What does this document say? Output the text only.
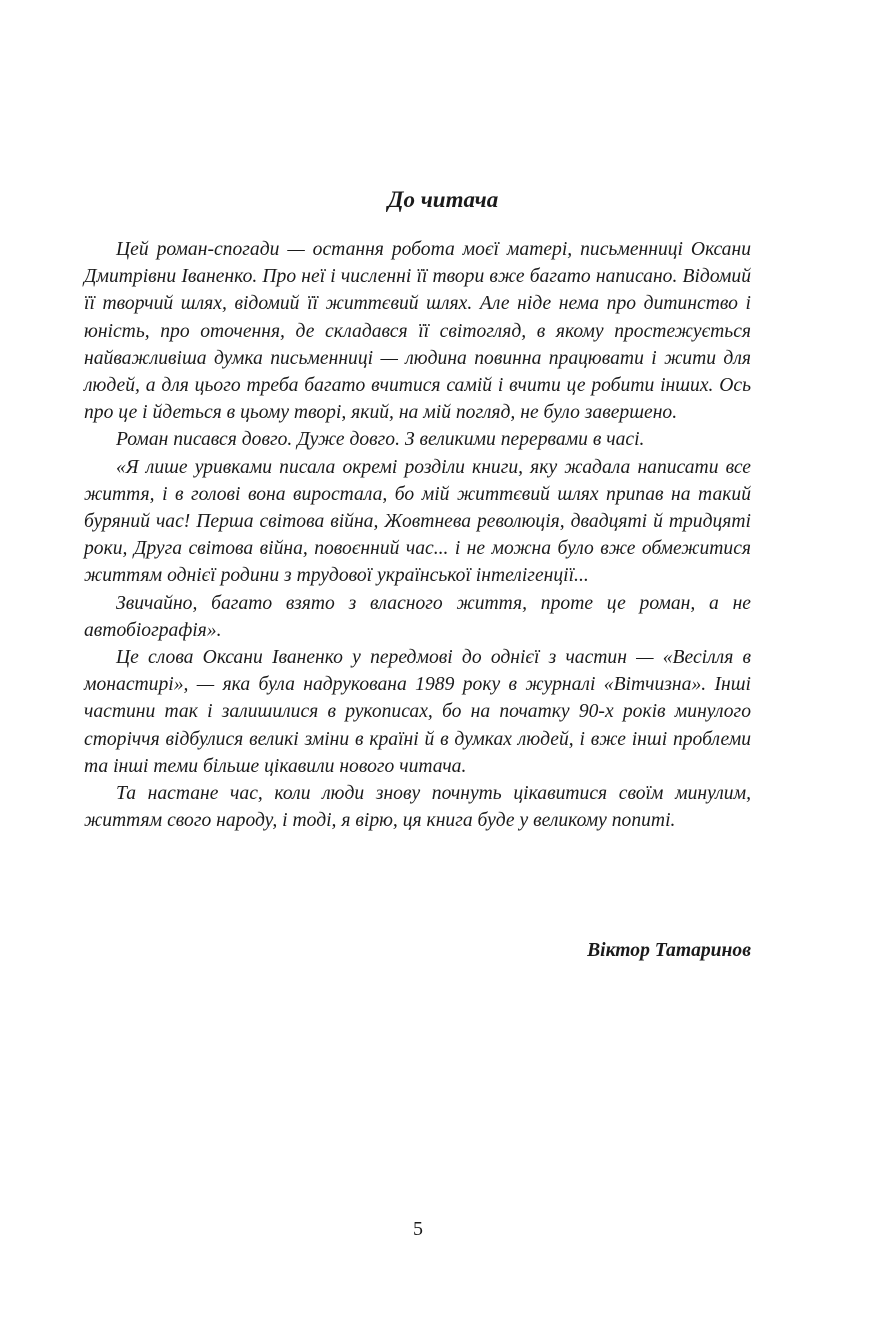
До читача

Цей роман-спогади — остання робота моєї матері, письменниці Оксани Дмитрівни Іваненко. Про неї і численні її твори вже багато написано. Відомий її творчий шлях, відомий її життєвий шлях. Але ніде нема про дитинство і юність, про оточення, де складався її світогляд, в якому простежується найважливіша думка письменниці — людина повинна працювати і жити для людей, а для цього треба багато вчитися самій і вчити це робити інших. Ось про це і йдеться в цьому творі, який, на мій погляд, не було завершено.

Роман писався довго. Дуже довго. З великими перервами в часі.

«Я лише уривками писала окремі розділи книги, яку жадала написати все життя, і в голові вона виростала, бо мій життєвий шлях припав на такий буряний час! Перша світова війна, Жовтнева революція, двадцяті й тридцяті роки, Друга світова війна, повоєнний час... і не можна було вже обмежитися життям однієї родини з трудової української інтелігенції...

Звичайно, багато взято з власного життя, проте це роман, а не автобіографія».

Це слова Оксани Іваненко у передмові до однієї з частин — «Весілля в монастирі», — яка була надрукована 1989 року в журналі «Вітчизна». Інші частини так і залишилися в рукописах, бо на початку 90-х років минулого сторіччя відбулися великі зміни в країні й в думках людей, і вже інші проблеми та інші теми більше цікавили нового читача.

Та настане час, коли люди знову почнуть цікавитися своїм минулим, життям свого народу, і тоді, я вірю, ця книга буде у великому попиті.

Віктор Татаринов

5
